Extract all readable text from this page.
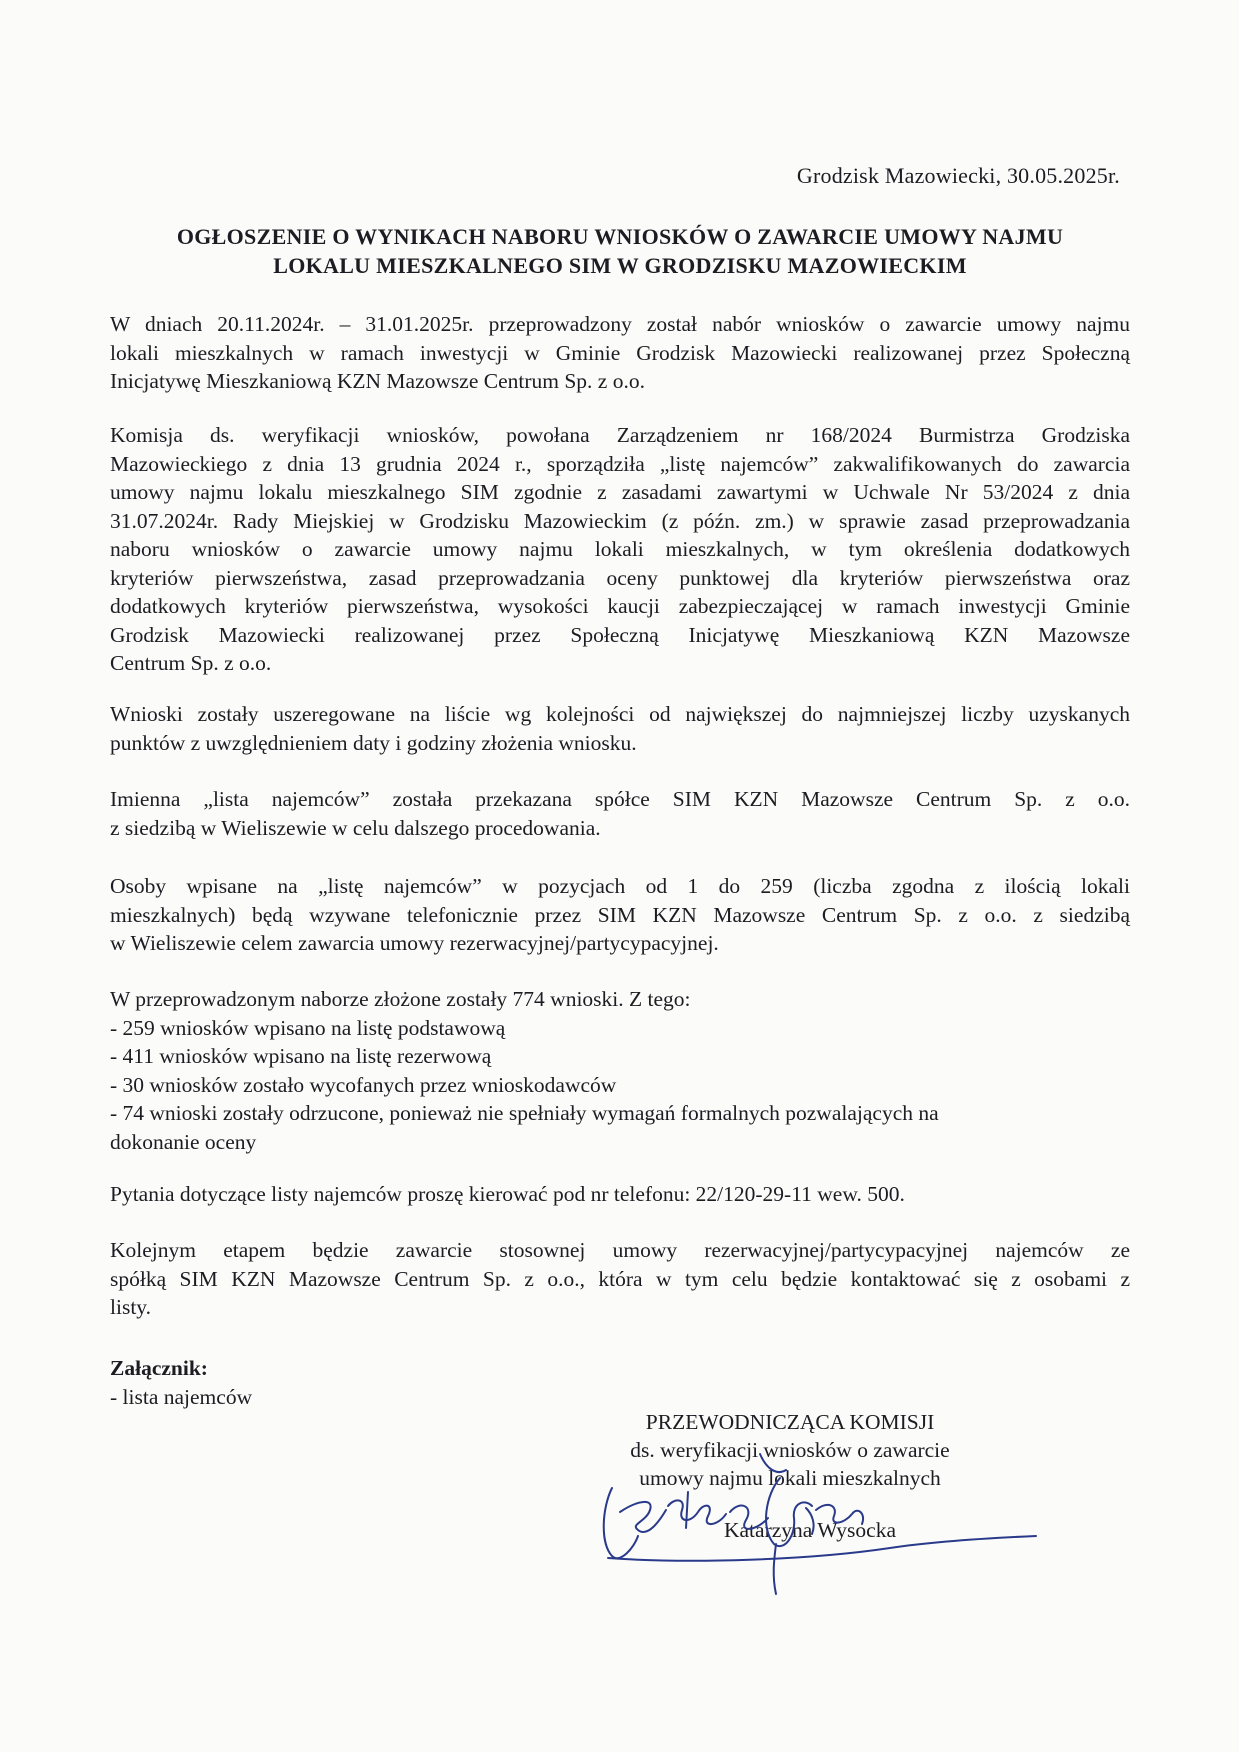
Grodzisk Mazowiecki, 30.05.2025r.
OGŁOSZENIE O WYNIKACH NABORU WNIOSKÓW O ZAWARCIE UMOWY NAJMU
LOKALU MIESZKALNEGO SIM W GRODZISKU MAZOWIECKIM
W dniach 20.11.2024r. – 31.01.2025r. przeprowadzony został nabór wniosków o zawarcie umowy najmu
lokali mieszkalnych w ramach inwestycji w Gminie Grodzisk Mazowiecki realizowanej przez Społeczną
Inicjatywę Mieszkaniową KZN Mazowsze Centrum Sp. z o.o.
Komisja ds. weryfikacji wniosków, powołana Zarządzeniem nr 168/2024 Burmistrza Grodziska
Mazowieckiego z dnia 13 grudnia 2024 r., sporządziła „listę najemców” zakwalifikowanych do zawarcia
umowy najmu lokalu mieszkalnego SIM zgodnie z zasadami zawartymi w Uchwale Nr 53/2024 z dnia
31.07.2024r. Rady Miejskiej w Grodzisku Mazowieckim (z późn. zm.) w sprawie zasad przeprowadzania
naboru wniosków o zawarcie umowy najmu lokali mieszkalnych, w tym określenia dodatkowych
kryteriów pierwszeństwa, zasad przeprowadzania oceny punktowej dla kryteriów pierwszeństwa oraz
dodatkowych kryteriów pierwszeństwa, wysokości kaucji zabezpieczającej w ramach inwestycji Gminie
Grodzisk Mazowiecki realizowanej przez Społeczną Inicjatywę Mieszkaniową KZN Mazowsze
Centrum Sp. z o.o.
Wnioski zostały uszeregowane na liście wg kolejności od największej do najmniejszej liczby uzyskanych
punktów z uwzględnieniem daty i godziny złożenia wniosku.
Imienna „lista najemców” została przekazana spółce SIM KZN Mazowsze Centrum Sp. z o.o.
z siedzibą w Wieliszewie w celu dalszego procedowania.
Osoby wpisane na „listę najemców” w pozycjach od 1 do 259 (liczba zgodna z ilością lokali
mieszkalnych) będą wzywane telefonicznie przez SIM KZN Mazowsze Centrum Sp. z o.o. z siedzibą
w Wieliszewie celem zawarcia umowy rezerwacyjnej/partycypacyjnej.
W przeprowadzonym naborze złożone zostały 774 wnioski. Z tego:
- 259 wniosków wpisano na listę podstawową
- 411 wniosków wpisano na listę rezerwową
- 30 wniosków zostało wycofanych przez wnioskodawców
- 74 wnioski zostały odrzucone, ponieważ nie spełniały wymagań formalnych pozwalających na
dokonanie oceny
Pytania dotyczące listy najemców proszę kierować pod nr telefonu: 22/120-29-11 wew. 500.
Kolejnym etapem będzie zawarcie stosownej umowy rezerwacyjnej/partycypacyjnej najemców ze
spółką SIM KZN Mazowsze Centrum Sp. z o.o., która w tym celu będzie kontaktować się z osobami z
listy.
Załącznik:
- lista najemców
PRZEWODNICZĄCA KOMISJI
ds. weryfikacji wniosków o zawarcie
umowy najmu lokali mieszkalnych
Katarzyna Wysocka
